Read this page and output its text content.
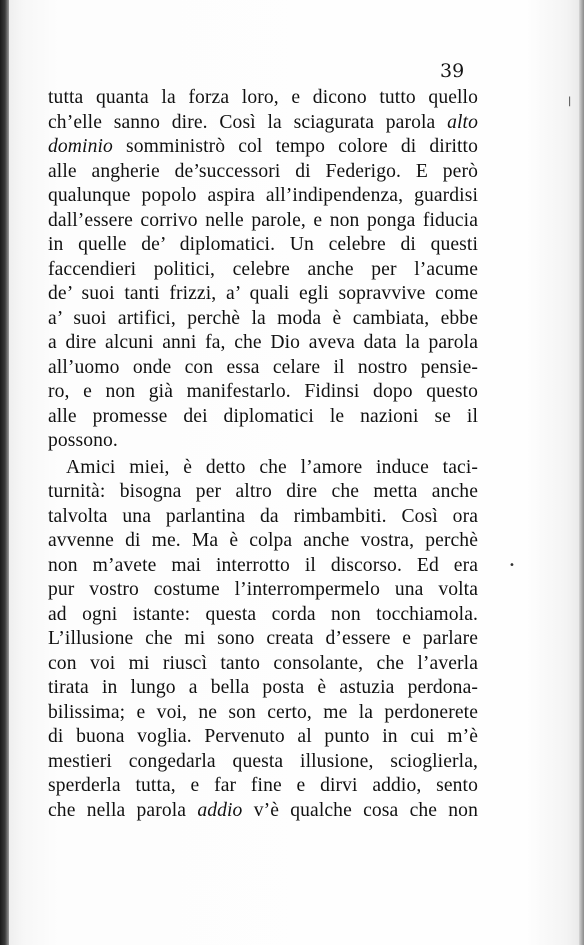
39
tutta quanta la forza loro, e dicono tutto quello
ch’elle sanno dire. Così la sciagurata parola alto
dominio somministrò col tempo colore di diritto
alle angherie de’successori di Federigo. E però
qualunque popolo aspira all’indipendenza, guardisi
dall’essere corrivo nelle parole, e non ponga fiducia
in quelle de’ diplomatici. Un celebre di questi
faccendieri politici, celebre anche per l’acume
de’ suoi tanti frizzi, a’ quali egli sopravvive come
a’ suoi artifici, perchè la moda è cambiata, ebbe
a dire alcuni anni fa, che Dio aveva data la parola
all’uomo onde con essa celare il nostro pensie-
ro, e non già manifestarlo. Fidinsi dopo questo
alle promesse dei diplomatici le nazioni se il
possono.
Amici miei, è detto che l’amore induce taci-
turnità: bisogna per altro dire che metta anche
talvolta una parlantina da rimbambiti. Così ora
avvenne di me. Ma è colpa anche vostra, perchè
non m’avete mai interrotto il discorso. Ed era
pur vostro costume l’interrompermelo una volta
ad ogni istante: questa corda non tocchiamola.
L’illusione che mi sono creata d’essere e parlare
con voi mi riuscì tanto consolante, che l’averla
tirata in lungo a bella posta è astuzia perdona-
bilissima; e voi, ne son certo, me la perdonerete
di buona voglia. Pervenuto al punto in cui m’è
mestieri congedarla questa illusione, scioglierla,
sperderla tutta, e far fine e dirvi addio, sento
che nella parola addio v’è qualche cosa che non
|
•
